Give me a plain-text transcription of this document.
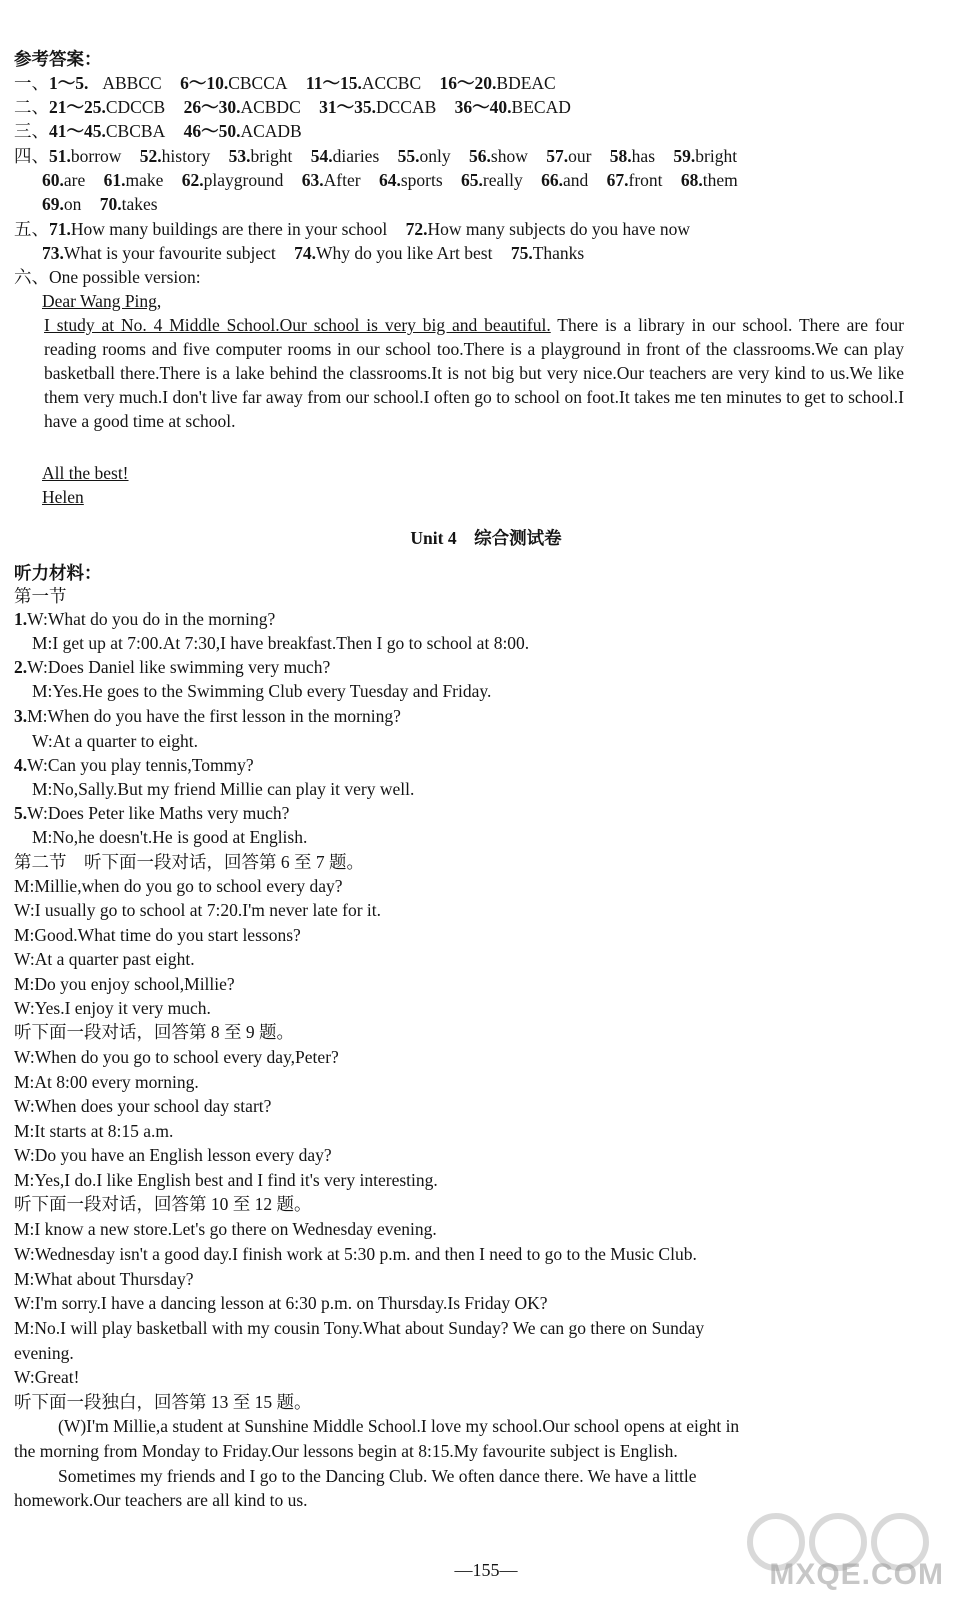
参考答案：
一、1～5. ABBCC 6～10.CBCCA 11～15.ACCBC 16～20.BDEAC
二、21～25.CDCCB 26～30.ACBDC 31～35.DCCAB 36～40.BECAD
三、41～45.CBCBA 46～50.ACADB
四、51.borrow 52.history 53.bright 54.diaries 55.only 56.show 57.our 58.has 59.bright
60.are 61.make 62.playground 63.After 64.sports 65.really 66.and 67.front 68.them
69.on 70.takes
五、71.How many buildings are there in your school 72.How many subjects do you have now
73.What is your favourite subject 74.Why do you like Art best 75.Thanks
六、One possible version:
Dear Wang Ping,
I study at No. 4 Middle School.Our school is very big and beautiful. There is a library in our school. There are four reading rooms and five computer rooms in our school too.There is a playground in front of the classrooms.We can play basketball there.There is a lake behind the classrooms.It is not big but very nice.Our teachers are very kind to us.We like them very much.I don't live far away from our school.I often go to school on foot.It takes me ten minutes to get to school.I have a good time at school.
All the best!
Helen
Unit 4　综合测试卷
听力材料：
第一节
1.W:What do you do in the morning?
M:I get up at 7:00.At 7:30,I have breakfast.Then I go to school at 8:00.
2.W:Does Daniel like swimming very much?
M:Yes.He goes to the Swimming Club every Tuesday and Friday.
3.M:When do you have the first lesson in the morning?
W:At a quarter to eight.
4.W:Can you play tennis,Tommy?
M:No,Sally.But my friend Millie can play it very well.
5.W:Does Peter like Maths very much?
M:No,he doesn't.He is good at English.
第二节　听下面一段对话，回答第 6 至 7 题。
M:Millie,when do you go to school every day?
W:I usually go to school at 7:20.I'm never late for it.
M:Good.What time do you start lessons?
W:At a quarter past eight.
M:Do you enjoy school,Millie?
W:Yes.I enjoy it very much.
听下面一段对话，回答第 8 至 9 题。
W:When do you go to school every day,Peter?
M:At 8:00 every morning.
W:When does your school day start?
M:It starts at 8:15 a.m.
W:Do you have an English lesson every day?
M:Yes,I do.I like English best and I find it's very interesting.
听下面一段对话，回答第 10 至 12 题。
M:I know a new store.Let's go there on Wednesday evening.
W:Wednesday isn't a good day.I finish work at 5:30 p.m. and then I need to go to the Music Club.
M:What about Thursday?
W:I'm sorry.I have a dancing lesson at 6:30 p.m. on Thursday.Is Friday OK?
M:No.I will play basketball with my cousin Tony.What about Sunday? We can go there on Sunday
evening.
W:Great!
听下面一段独白，回答第 13 至 15 题。
(W)I'm Millie,a student at Sunshine Middle School.I love my school.Our school opens at eight in
the morning from Monday to Friday.Our lessons begin at 8:15.My favourite subject is English.
Sometimes my friends and I go to the Dancing Club. We often dance there. We have a little
homework.Our teachers are all kind to us.
—155—	MXQE.COM
